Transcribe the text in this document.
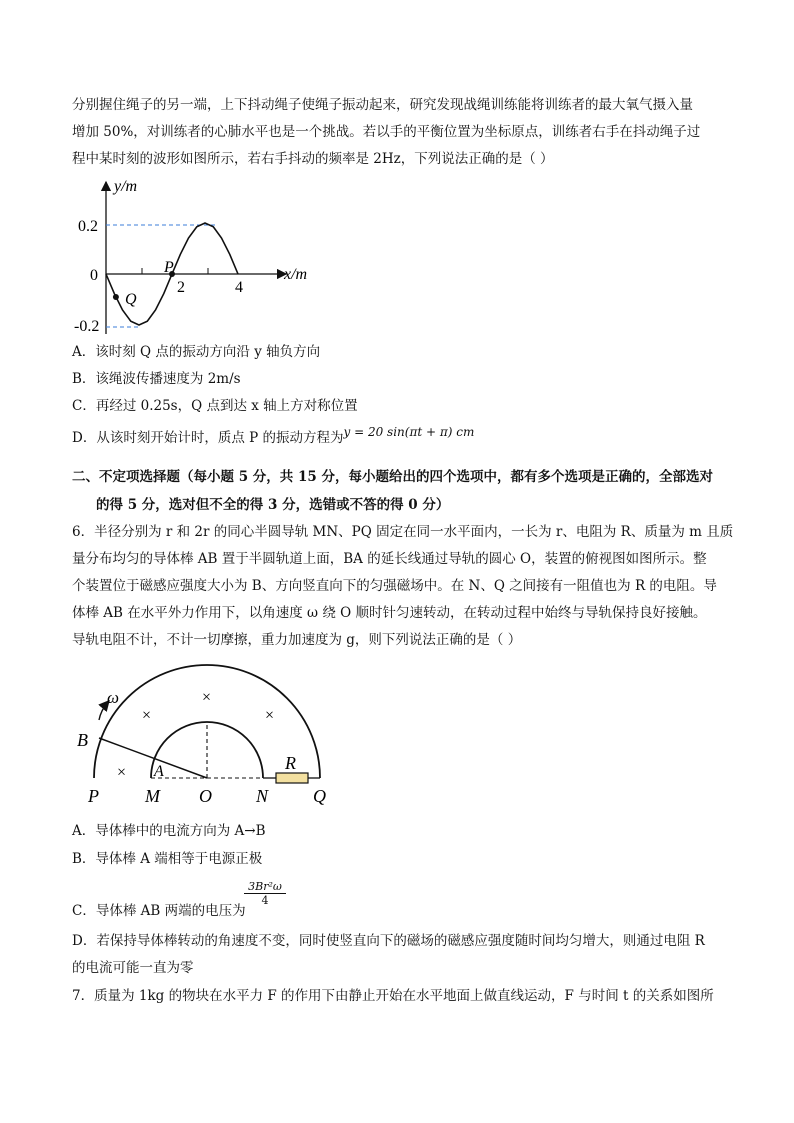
分别握住绳子的另一端，上下抖动绳子使绳子振动起来，研究发现战绳训练能将训练者的最大氧气摄入量
增加 50%，对训练者的心肺水平也是一个挑战。若以手的平衡位置为坐标原点，训练者右手在抖动绳子过
程中某时刻的波形如图所示，若右手抖动的频率是 2Hz，下列说法正确的是（ ）
y/m
x/m
0.2
0
-0.2
2	4
P
Q
A．该时刻 Q 点的振动方向沿 y 轴负方向
B．该绳波传播速度为 2m/s
C．再经过 0.25s，Q 点到达 x 轴上方对称位置
D．从该时刻开始计时，质点 P 的振动方程为y = 20 sin(πt + π) cm
二、不定项选择题（每小题 5 分，共 15 分，每小题给出的四个选项中，都有多个选项是正确的，全部选对
的得 5 分，选对但不全的得 3 分，选错或不答的得 0 分）
6．半径分别为 r 和 2r 的同心半圆导轨 MN、PQ 固定在同一水平面内，一长为 r、电阻为 R、质量为 m 且质
量分布均匀的导体棒 AB 置于半圆轨道上面，BA 的延长线通过导轨的圆心 O，装置的俯视图如图所示。整
个装置位于磁感应强度大小为 B、方向竖直向下的匀强磁场中。在 N、Q 之间接有一阻值也为 R 的电阻。导
体棒 AB 在水平外力作用下，以角速度 ω 绕 O 顺时针匀速转动，在转动过程中始终与导轨保持良好接触。
导轨电阻不计，不计一切摩擦，重力加速度为 g，则下列说法正确的是（ ）
×
×	×
×
ω
B
A	R
P	M O N Q
A．导体棒中的电流方向为 A→B
B．导体棒 A 端相等于电源正极
C．导体棒 AB 两端的电压为
$\frac{\text{3Br²ω}}{4}$
D．若保持导体棒转动的角速度不变，同时使竖直向下的磁场的磁感应强度随时间均匀增大，则通过电阻 R
的电流可能一直为零
7．质量为 1kg 的物块在水平力 F 的作用下由静止开始在水平地面上做直线运动，F 与时间 t 的关系如图所
